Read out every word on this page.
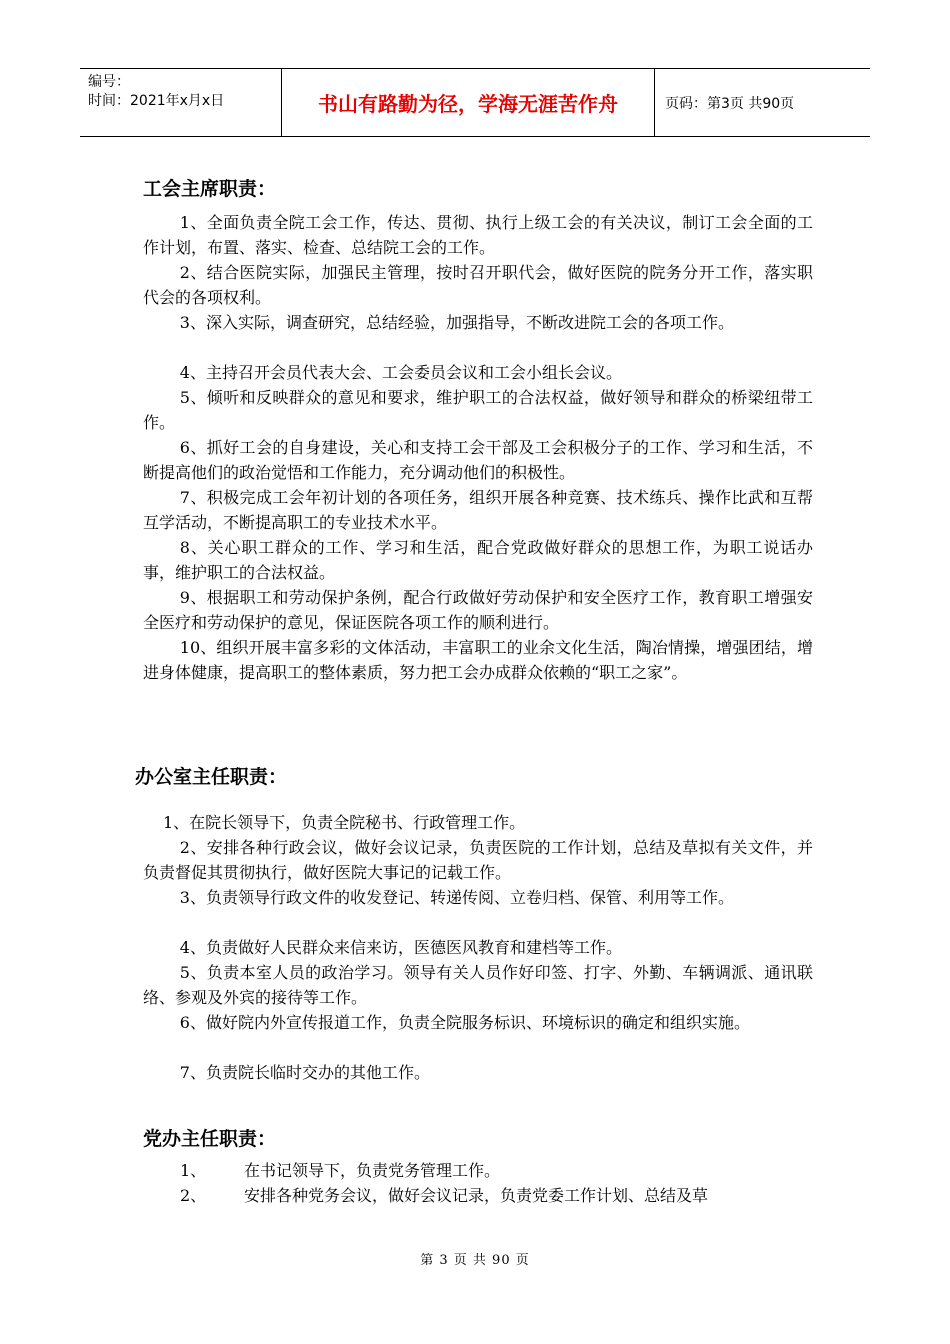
编号：
时间：2021年x月x日	书山有路勤为径，学海无涯苦作舟	页码：第3页 共90页
工会主席职责：
1、全面负责全院工会工作，传达、贯彻、执行上级工会的有关决议，制订工会全面的工作计划，布置、落实、检查、总结院工会的工作。
2、结合医院实际，加强民主管理，按时召开职代会，做好医院的院务分开工作，落实职代会的各项权利。
3、深入实际，调查研究，总结经验，加强指导，不断改进院工会的各项工作。
4、主持召开会员代表大会、工会委员会议和工会小组长会议。
5、倾听和反映群众的意见和要求，维护职工的合法权益，做好领导和群众的桥梁纽带工作。
6、抓好工会的自身建设，关心和支持工会干部及工会积极分子的工作、学习和生活，不断提高他们的政治觉悟和工作能力，充分调动他们的积极性。
7、积极完成工会年初计划的各项任务，组织开展各种竞赛、技术练兵、操作比武和互帮互学活动，不断提高职工的专业技术水平。
8、关心职工群众的工作、学习和生活，配合党政做好群众的思想工作，为职工说话办事，维护职工的合法权益。
9、根据职工和劳动保护条例，配合行政做好劳动保护和安全医疗工作，教育职工增强安全医疗和劳动保护的意见，保证医院各项工作的顺利进行。
10、组织开展丰富多彩的文体活动，丰富职工的业余文化生活，陶冶情操，增强团结，增进身体健康，提高职工的整体素质，努力把工会办成群众依赖的“职工之家”。
办公室主任职责：
1、在院长领导下，负责全院秘书、行政管理工作。
2、安排各种行政会议，做好会议记录，负责医院的工作计划，总结及草拟有关文件，并负责督促其贯彻执行，做好医院大事记的记载工作。
3、负责领导行政文件的收发登记、转递传阅、立卷归档、保管、利用等工作。
4、负责做好人民群众来信来访，医德医风教育和建档等工作。
5、负责本室人员的政治学习。领导有关人员作好印签、打字、外勤、车辆调派、通讯联络、参观及外宾的接待等工作。
6、做好院内外宣传报道工作，负责全院服务标识、环境标识的确定和组织实施。
7、负责院长临时交办的其他工作。
党办主任职责：
1、	在书记领导下，负责党务管理工作。
2、	安排各种党务会议，做好会议记录，负责党委工作计划、总结及草
第 3 页 共 90 页
